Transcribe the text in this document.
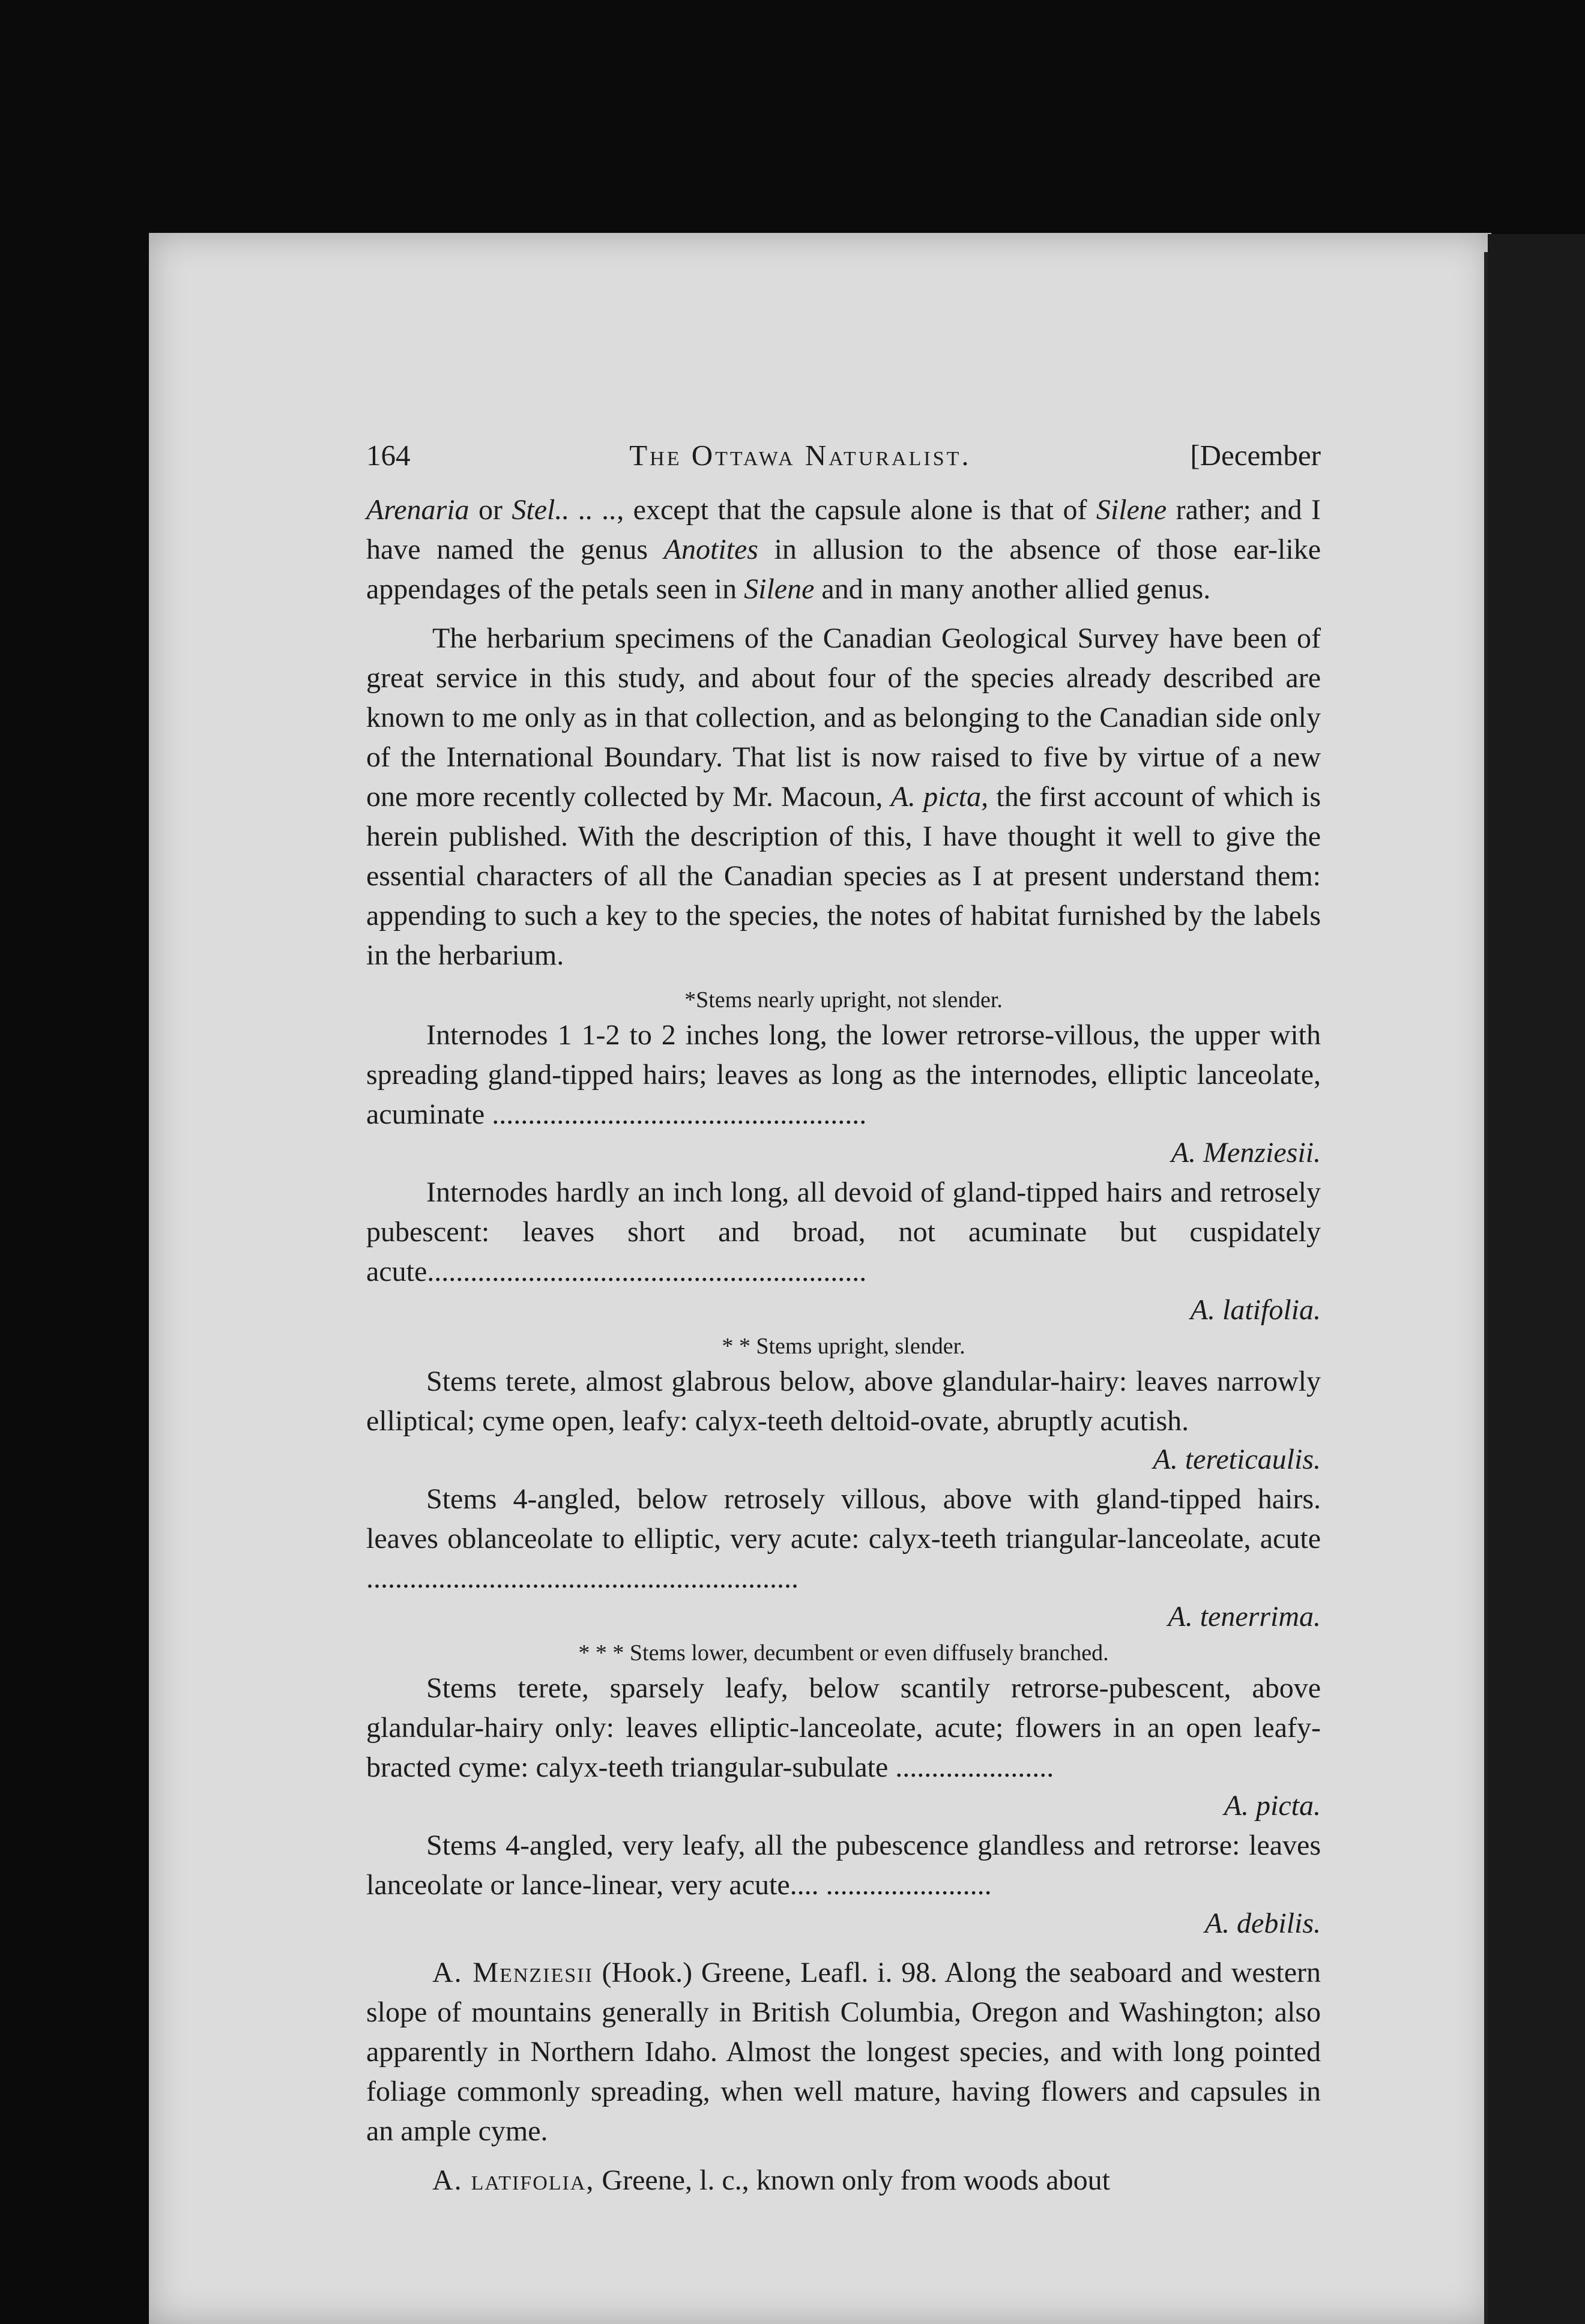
164	The Ottawa Naturalist.	[December

Arenaria or Stel.. .. .., except that the capsule alone is that of Silene rather; and I have named the genus Anotites in allusion to the absence of those ear-like appendages of the petals seen in Silene and in many another allied genus.

The herbarium specimens of the Canadian Geological Survey have been of great service in this study, and about four of the species already described are known to me only as in that collection, and as belonging to the Canadian side only of the International Boundary. That list is now raised to five by virtue of a new one more recently collected by Mr. Macoun, A. picta, the first account of which is herein published. With the description of this, I have thought it well to give the essential characters of all the Canadian species as I at present understand them: appending to such a key to the species, the notes of habitat furnished by the labels in the herbarium.

*Stems nearly upright, not slender.

Internodes 1 1-2 to 2 inches long, the lower retrorse-villous, the upper with spreading gland-tipped hairs; leaves as long as the internodes, elliptic lanceolate, acuminate ....................................................
A. Menziesii.

Internodes hardly an inch long, all devoid of gland-tipped hairs and retrosely pubescent: leaves short and broad, not acuminate but cuspidately acute.............................................................
A. latifolia.

* * Stems upright, slender.

Stems terete, almost glabrous below, above glandular-hairy: leaves narrowly elliptical; cyme open, leafy: calyx-teeth deltoid-ovate, abruptly acutish.
A. tereticaulis.

Stems 4-angled, below retrosely villous, above with gland-tipped hairs. leaves oblanceolate to elliptic, very acute: calyx-teeth triangular-lanceolate, acute ............................................................
A. tenerrima.

* * * Stems lower, decumbent or even diffusely branched.

Stems terete, sparsely leafy, below scantily retrorse-pubescent, above glandular-hairy only: leaves elliptic-lanceolate, acute; flowers in an open leafy-bracted cyme: calyx-teeth triangular-subulate ......................
A. picta.

Stems 4-angled, very leafy, all the pubescence glandless and retrorse: leaves lanceolate or lance-linear, very acute.... .......................
A. debilis.

A. Menziesii (Hook.) Greene, Leafl. i. 98. Along the seaboard and western slope of mountains generally in British Columbia, Oregon and Washington; also apparently in Northern Idaho. Almost the longest species, and with long pointed foliage commonly spreading, when well mature, having flowers and capsules in an ample cyme.

A. latifolia, Greene, l. c., known only from woods about
